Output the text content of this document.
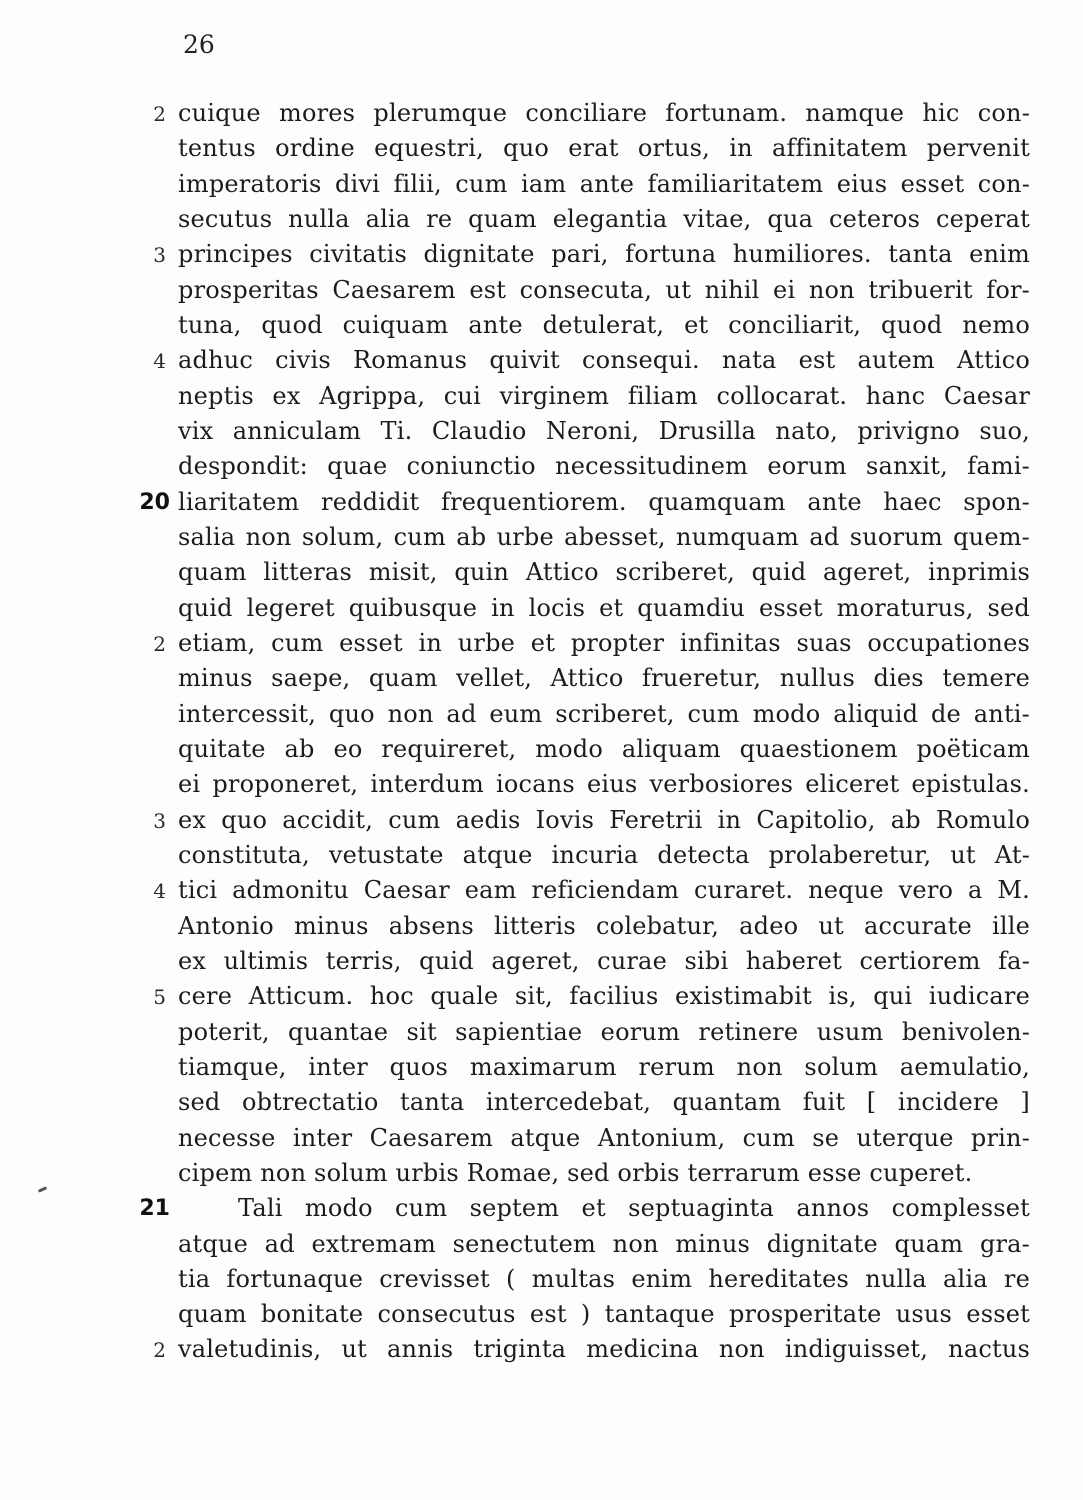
26
2 cuique mores plerumque conciliare fortunam. namque hic con-
tentus ordine equestri, quo erat ortus, in affinitatem pervenit
imperatoris divi filii, cum iam ante familiaritatem eius esset con-
secutus nulla alia re quam elegantia vitae, qua ceteros ceperat
3 principes civitatis dignitate pari, fortuna humiliores. tanta enim
prosperitas Caesarem est consecuta, ut nihil ei non tribuerit for-
tuna, quod cuiquam ante detulerat, et conciliarit, quod nemo
4 adhuc civis Romanus quivit consequi. nata est autem Attico
neptis ex Agrippa, cui virginem filiam collocarat. hanc Caesar
vix anniculam Ti. Claudio Neroni, Drusilla nato, privigno suo,
despondit: quae coniunctio necessitudinem eorum sanxit, fami-
20 liaritatem reddidit frequentiorem. quamquam ante haec spon-
salia non solum, cum ab urbe abesset, numquam ad suorum quem-
quam litteras misit, quin Attico scriberet, quid ageret, inprimis
quid legeret quibusque in locis et quamdiu esset moraturus, sed
2 etiam, cum esset in urbe et propter infinitas suas occupationes
minus saepe, quam vellet, Attico frueretur, nullus dies temere
intercessit, quo non ad eum scriberet, cum modo aliquid de anti-
quitate ab eo requireret, modo aliquam quaestionem poëticam
ei proponeret, interdum iocans eius verbosiores eliceret epistulas.
3 ex quo accidit, cum aedis Iovis Feretrii in Capitolio, ab Romulo
constituta, vetustate atque incuria detecta prolaberetur, ut At-
4 tici admonitu Caesar eam reficiendam curaret. neque vero a M.
Antonio minus absens litteris colebatur, adeo ut accurate ille
ex ultimis terris, quid ageret, curae sibi haberet certiorem fa-
5 cere Atticum. hoc quale sit, facilius existimabit is, qui iudicare
poterit, quantae sit sapientiae eorum retinere usum benivolen-
tiamque, inter quos maximarum rerum non solum aemulatio,
sed obtrectatio tanta intercedebat, quantam fuit [ incidere ]
necesse inter Caesarem atque Antonium, cum se uterque prin-
cipem non solum urbis Romae, sed orbis terrarum esse cuperet.
21	Tali modo cum septem et septuaginta annos complesset
atque ad extremam senectutem non minus dignitate quam gra-
tia fortunaque crevisset ( multas enim hereditates nulla alia re
quam bonitate consecutus est ) tantaque prosperitate usus esset
2 valetudinis, ut annis triginta medicina non indiguisset, nactus
